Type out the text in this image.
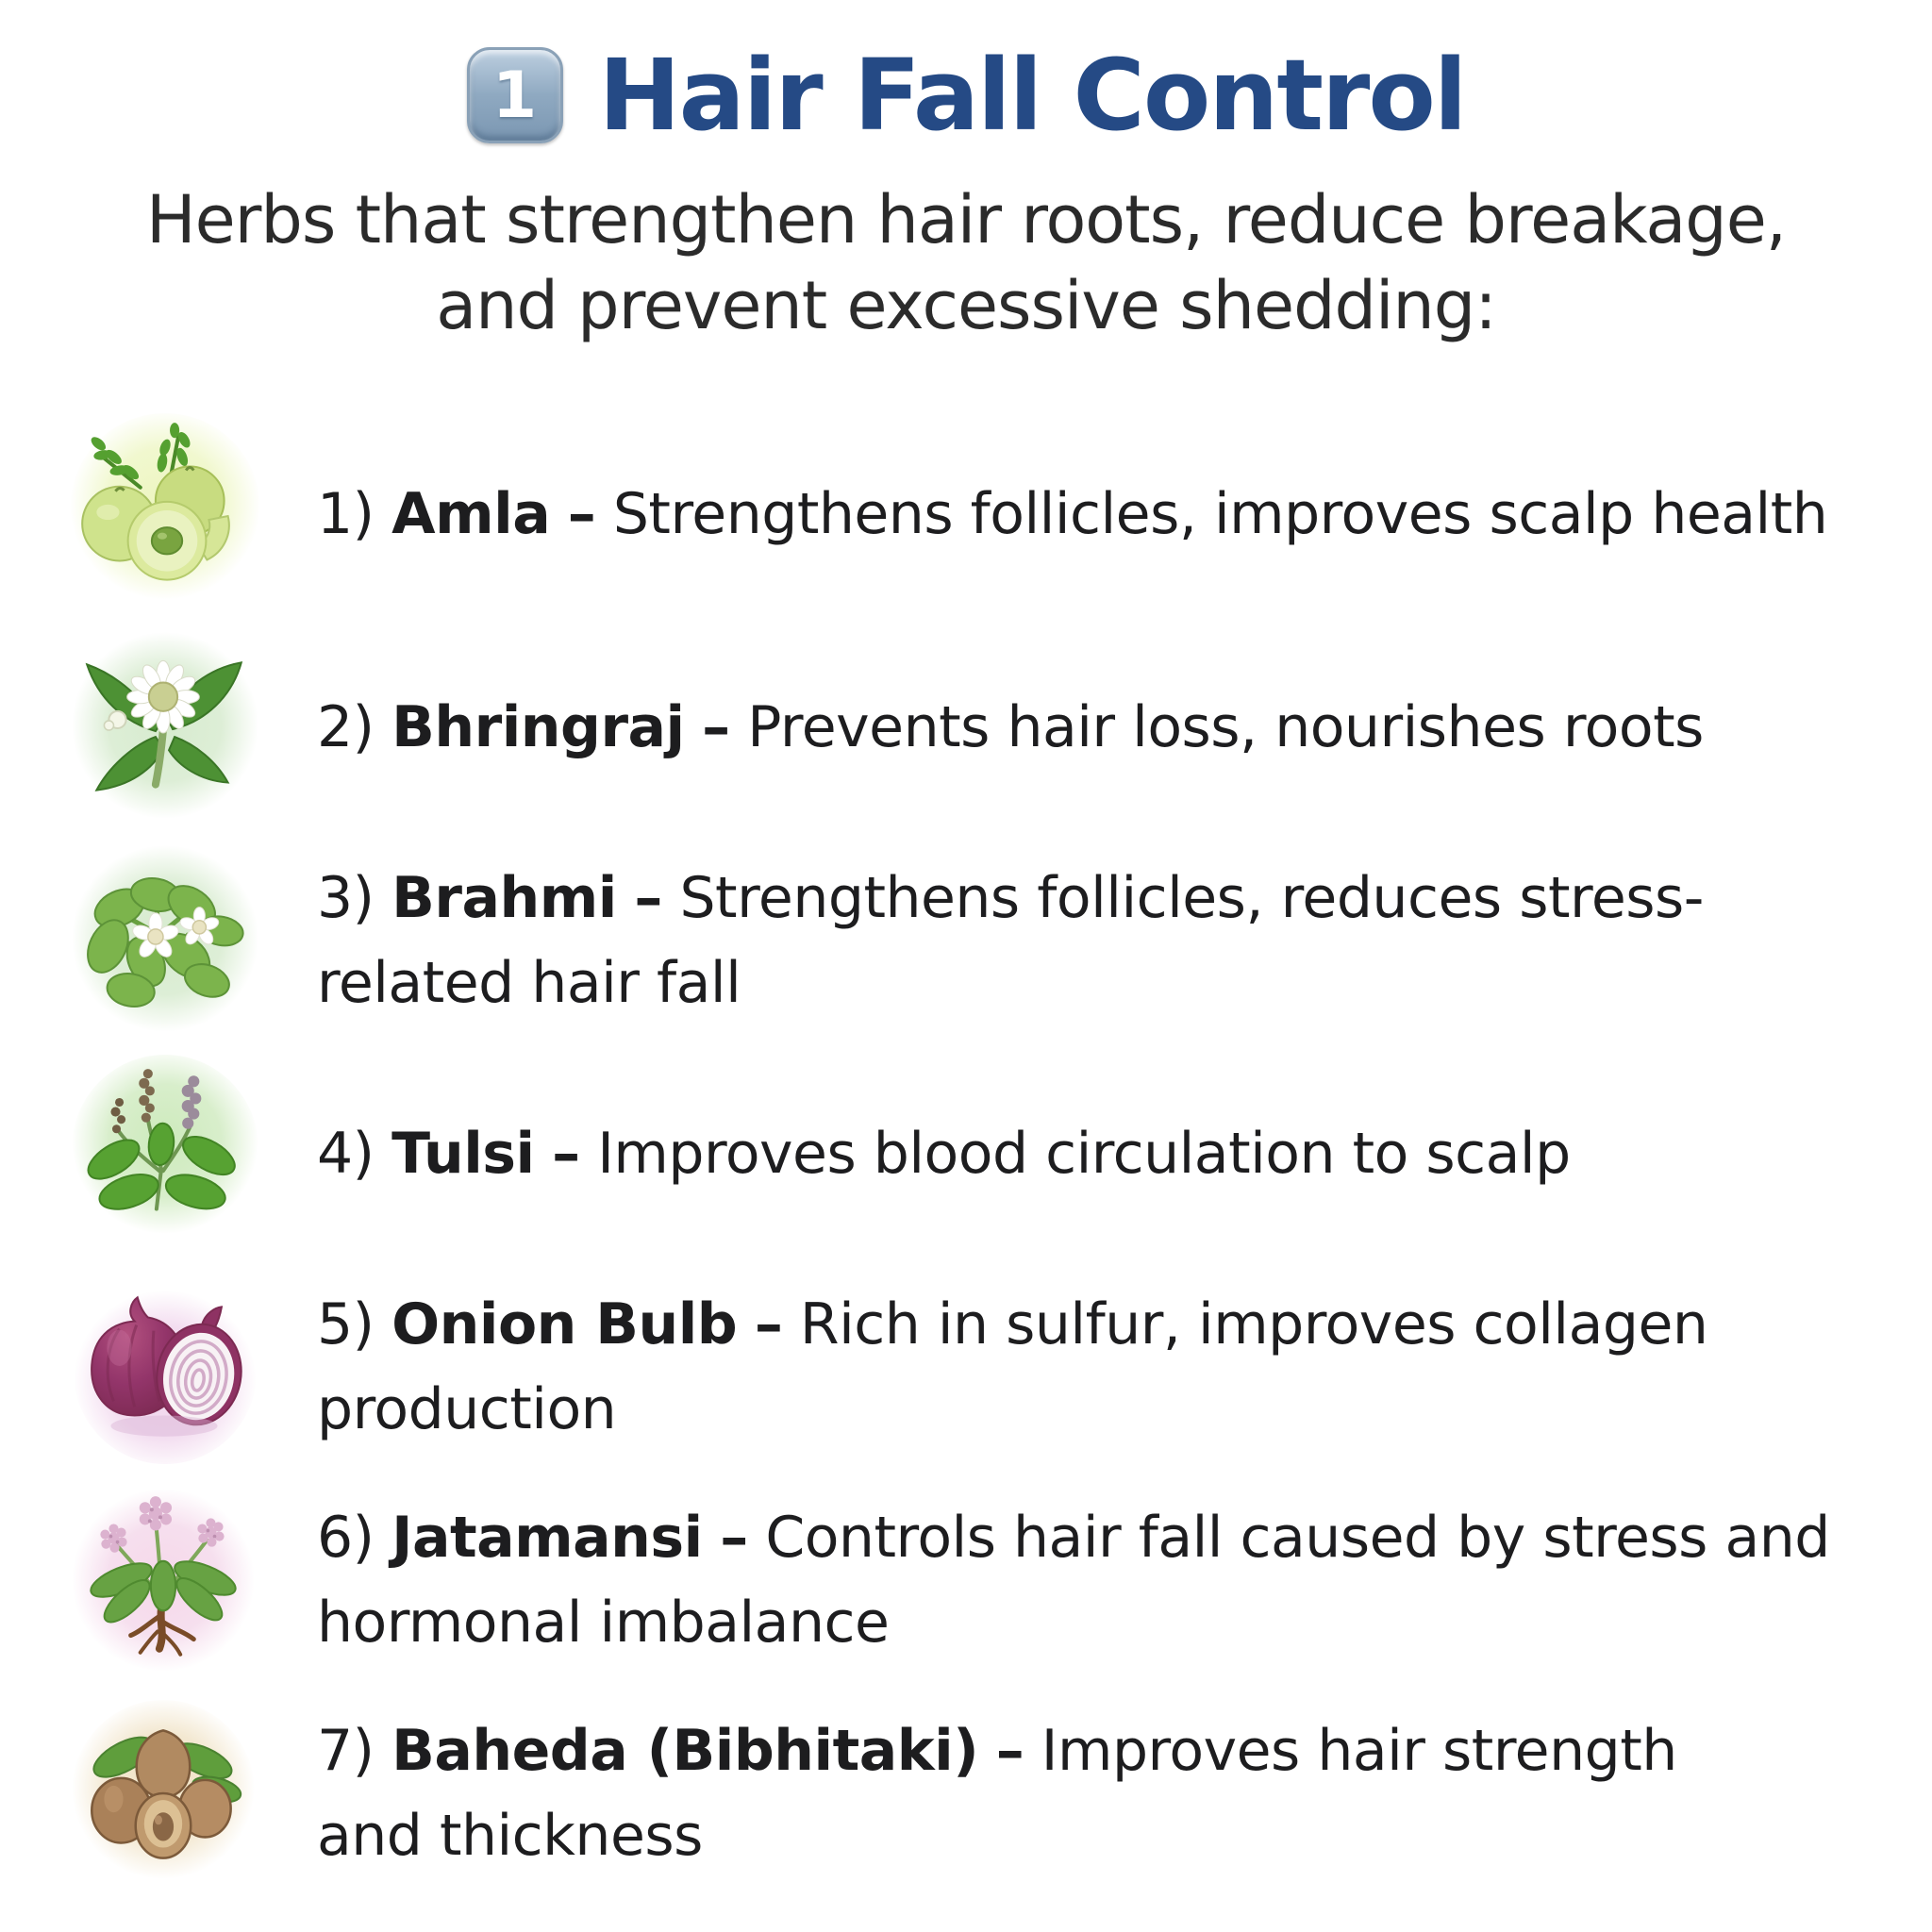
1 Hair Fall Control
Herbs that strengthen hair roots, reduce breakage, and prevent excessive shedding:
1) Amla – Strengthens follicles, improves scalp health
2) Bhringraj – Prevents hair loss, nourishes roots
3) Brahmi – Strengthens follicles, reduces stress-related hair fall
4) Tulsi – Improves blood circulation to scalp
5) Onion Bulb – Rich in sulfur, improves collagen production
6) Jatamansi – Controls hair fall caused by stress and hormonal imbalance
7) Baheda (Bibhitaki) – Improves hair strength and thickness
